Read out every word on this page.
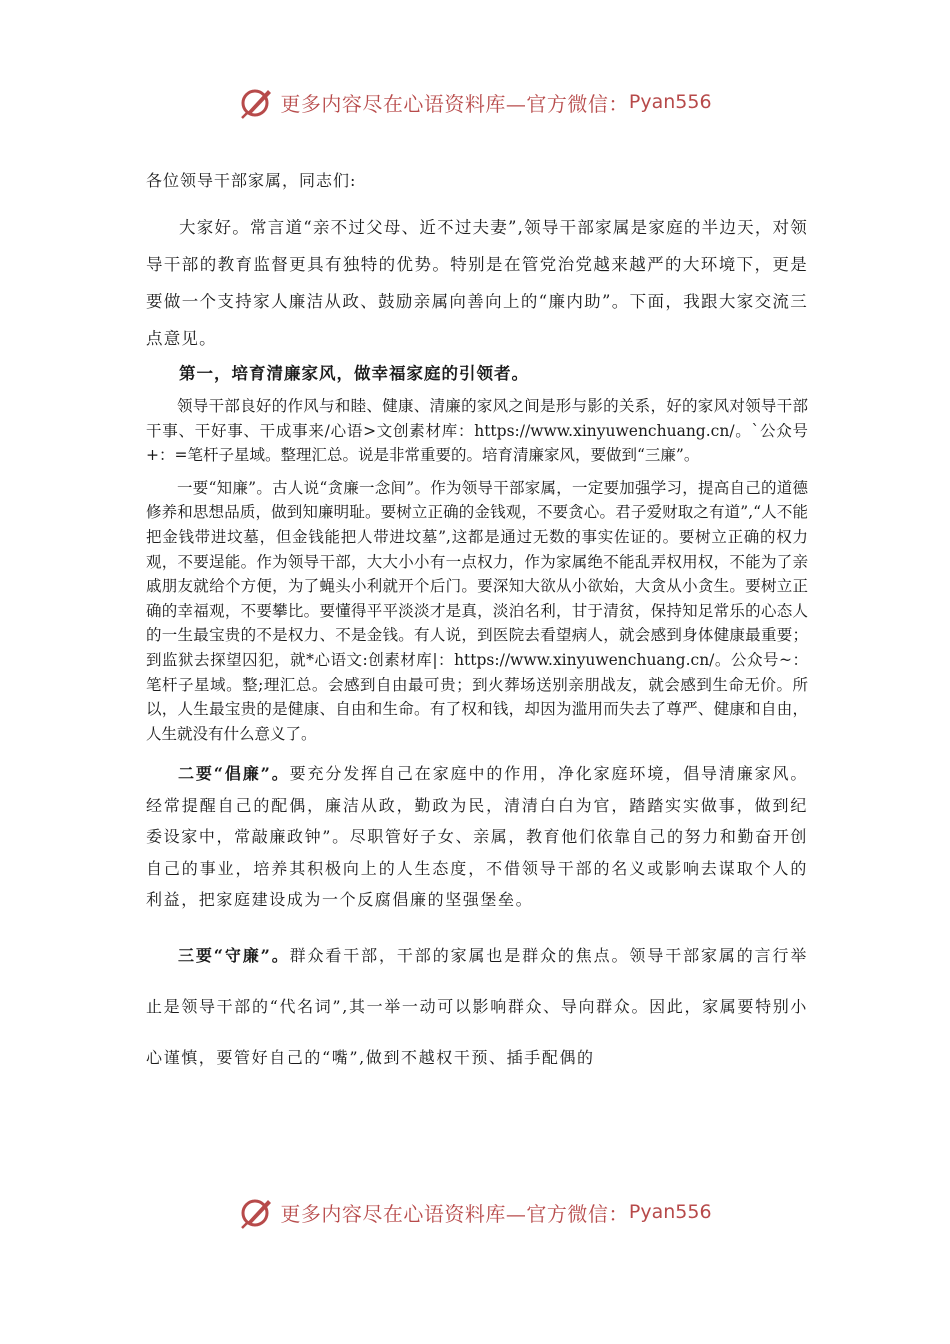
更多内容尽在心语资料库—官方微信： Pyan556

各位领导干部家属，同志们:

大家好。常言道“亲不过父母、近不过夫妻”,领导干部家属是家庭的半边天，对领导干部的教育监督更具有独特的优势。特别是在管党治党越来越严的大环境下，更是要做一个支持家人廉洁从政、鼓励亲属向善向上的“廉内助”。下面，我跟大家交流三点意见。

第一，培育清廉家风，做幸福家庭的引领者。

领导干部良好的作风与和睦、健康、清廉的家风之间是形与影的关系，好的家风对领导干部干事、干好事、干成事来/心语>文创素材库：https://www.xinyuwenchuang.cn/。`公众号+：=笔杆子星域。整理汇总。说是非常重要的。培育清廉家风，要做到“三廉”。

一要“知廉”。古人说“贪廉一念间”。作为领导干部家属，一定要加强学习，提高自己的道德修养和思想品质，做到知廉明耻。要树立正确的金钱观，不要贪心。君子爱财取之有道”,“人不能把金钱带进坟墓，但金钱能把人带进坟墓”,这都是通过无数的事实佐证的。要树立正确的权力观，不要逞能。作为领导干部，大大小小有一点权力，作为家属绝不能乱弄权用权，不能为了亲戚朋友就给个方便，为了蝇头小利就开个后门。要深知大欲从小欲始，大贪从小贪生。要树立正确的幸福观，不要攀比。要懂得平平淡淡才是真，淡泊名利，甘于清贫，保持知足常乐的心态人的一生最宝贵的不是权力、不是金钱。有人说，到医院去看望病人，就会感到身体健康最重要；到监狱去探望囚犯，就*心语文:创素材库|：https://www.xinyuwenchuang.cn/。公众号~：笔杆子星域。整;理汇总。会感到自由最可贵；到火葬场送别亲朋战友，就会感到生命无价。所以，人生最宝贵的是健康、自由和生命。有了权和钱，却因为滥用而失去了尊严、健康和自由，人生就没有什么意义了。

二要“倡廉”。要充分发挥自己在家庭中的作用，净化家庭环境，倡导清廉家风。经常提醒自己的配偶，廉洁从政，勤政为民，清清白白为官，踏踏实实做事，做到纪委设家中，常敲廉政钟”。尽职管好子女、亲属，教育他们依靠自己的努力和勤奋开创自己的事业，培养其积极向上的人生态度，不借领导干部的名义或影响去谋取个人的利益，把家庭建设成为一个反腐倡廉的坚强堡垒。

三要“守廉”。群众看干部，干部的家属也是群众的焦点。领导干部家属的言行举止是领导干部的“代名词”,其一举一动可以影响群众、导向群众。因此，家属要特别小心谨慎，要管好自己的“嘴”,做到不越权干预、插手配偶的

更多内容尽在心语资料库—官方微信： Pyan556
